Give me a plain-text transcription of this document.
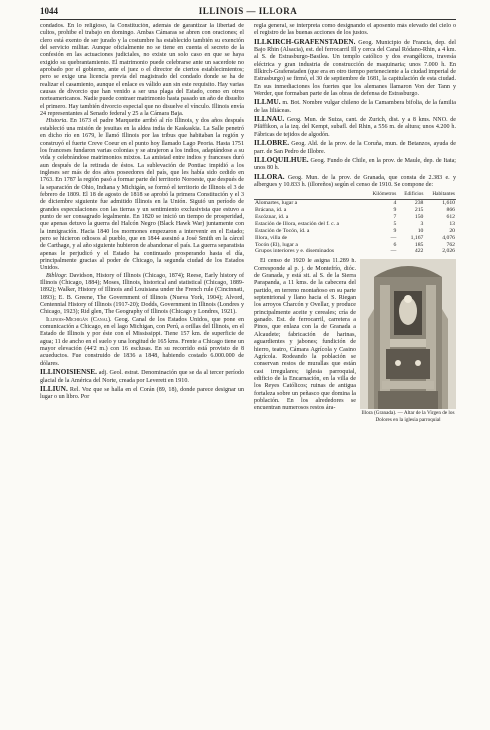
1044	ILLINOIS — ILLORA

condados. En lo religioso, la Constitución, además de garantizar la libertad de cultos, prohibe el trabajo en domingo. Ambas Cámaras se abren con oraciones; el clero está exento de ser jurado y la costumbre ha establecido también su exención del servicio militar. Aunque oficialmente no se tiene en cuenta el secreto de la confesión en las actuaciones judiciales, no existe un solo caso en que se haya exigido su quebrantamiento. El matrimonio puede celebrarse ante un sacerdote no aprobado por el gobierno, ante el juez o el director de ciertos establecimientos; pero se exige una licencia previa del magistrado del condado donde se ha de realizar el casamiento, aunque el enlace es válido aun sin este requisito. Hay varias causas de divorcio que han venido a ser una plaga del Estado, como en otros norteamericanos. Nadie puede contraer matrimonio hasta pasado un año de disuelto el primero. Hay también divorcio especial que no disuelve el vínculo. Illinois envía 24 representantes al Senado federal y 25 a la Cámara Baja.

Historia. En 1673 el padre Marquette arribó al río Illinois, y dos años después estableció una misión de jesuitas en la aldea india de Kaskaskia. La Salle penetró en dicho río en 1679, le llamó Illinois por las tribus que habitaban la región y construyó el fuerte Creve Coeur en el punto hoy llamado Lago Peoria. Hasta 1751 los franceses fundaron varias colonias y se atrajeron a los indios, adaptándose a su vida y celebrándose matrimonios mixtos. La amistad entre indios y franceses duró aun después de la retirada de éstos. La sublevación de Pontiac impidió a los ingleses ser más de dos años poseedores del país, que les había sido cedido en 1763. En 1787 la región pasó a formar parte del territorio Noroeste, que después de la separación de Ohio, Indiana y Michigán, se formó el territorio de Illinois el 3 de febrero de 1809. El 18 de agosto de 1818 se aprobó la primera Constitución y el 3 de diciembre siguiente fue admitido Illinois en la Unión. Siguió un período de grandes especulaciones con las tierras y un sentimiento exclusivista que estuvo a punto de ser consagrado legalmente. En 1820 se inició un tiempo de prosperidad, que apenas detuvo la guerra del Halcón Negro (Black Hawk War) juntamente con la inmigración. Hacia 1840 los mormones empezaron a intervenir en el Estado; pero se hicieron odiosos al pueblo, que en 1844 asesinó a José Smith en la cárcel de Carthage, y al año siguiente hubieron de abandonar el país. La guerra separatista apenas le perjudicó y el Estado ha continuado prosperando hasta el día, principalmente gracias al poder de Chicago, la segunda ciudad de los Estados Unidos.

Bibliogr. Davidson, History of Illinois (Chicago, 1874); Reese, Early history of Illinois (Chicago, 1884); Moses, Illinois, historical and statistical (Chicago, 1889-1892); Walker, History of Illinois and Louisiana under the French rule (Cincinnati, 1893); E. B. Greene, The Government of Illinois (Nueva York, 1904); Alvord, Centennial History of Illinois (1917-20); Dodds, Government in Illinois (Londres y Chicago, 1923); Rid glen, The Geography of Illinois (Chicago y Londres, 1921).

Illinois-Michigán (Canal). Geog. Canal de los Estados Unidos, que pone en comunicación a Chicago, en el lago Michigan, con Perú, a orillas del Illinois, en el Estado de Illinois y por éste con el Mississippi. Tiene 157 km. de superficie de agua; 11 de ancho en el suelo y una longitud de 165 kms. Frente a Chicago tiene un mayor elevación (44'2 m.) con 16 esclusas. En su recorrido está provisto de 8 acueductos. Fue construido de 1836 a 1848, habiendo costado 6.000.000 de dólares.

ILLINOISIENSE. adj. Geol. estrat. Denominación que se da al tercer período glacial de la América del Norte, creada por Leverett en 1910.

ILLIUN. Rel. Voz que se halla en el Corán (89, 18), donde parece designar un lugar o un libro. Por

regla general, se interpreta como designando el aposento más elevado del cielo o el registro de las buenas acciones de los justos.

ILLKIRCH-GRAFENSTADEN. Geog. Municipio de Francia, dep. del Bajo Rhin (Alsacia), est. del ferrocarril Ill y cerca del Canal Ródano-Rhin, a 4 km. al S. de Estrasburgo-Basilea. Un templo católico y dos evangélicos, travesía eléctrica y gran industria de construcción de maquinaria; unos 7.000 h. En Illkirch-Grafenstaden (que era en otro tiempo perteneciente a la ciudad imperial de Estrasburgo) se firmó, el 30 de septiembre de 1681, la capitulación de esta ciudad. En sus inmediaciones los fuertes que los alemanes llamaron Von der Tann y Werder, que formaban parte de las obras de defensa de Estrasburgo.

ILLMU. m. Bot. Nombre vulgar chileno de la Camambera bifolia, de la familia de las liliáceas.

ILLNAU. Geog. Mun. de Suiza, cant. de Zurich, dist. y a 8 kms. NNO. de Pfäffikon, a la izq. del Kempt, subafl. del Rhin, a 556 m. de altura; unos 4.200 h. Fábricas de tejidos de algodón.

ILLOBRE. Geog. Ald. de la prov. de la Coruña, mun. de Betanzos, ayuda de parr. de San Pedro de Illobre.

ILLOQUILHUE. Geog. Fundo de Chile, en la prov. de Maule, dep. de Itata; unos 80 h.

ILLORA. Geog. Mun. de la prov. de Granada, que consta de 2.383 e. y albergues y 10.833 h. (illoreños) según el censo de 1910. Se compone de:

	Kilómetros	Edificios	Habitantes
Alomartes, lugar a	4	238	1,610
Brácana, id. a	9	215	866
Escóznar, id. a	7	150	612
Estación de Illora, estación del f. c. a	5	3	13
Estación de Tocón, íd. a	9	10	20
Illora, villa de	—	1,167	4,076
Tocón (El), lugar a	6	185	762
Grupos interiores y e. diseminados	—	422	2,026
Illora (Granada). — Altar de la Virgen de los Dolores en la iglesia parroquial

El censo de 1920 le asigna 11.289 h. Corresponde al p. j. de Montefrío, dióc. de Granada, y está sit. al S. de la Sierra Parapanda, a 11 kms. de la cabecera del partido, en terreno montañoso en su parte septentrional y llano hacia el S. Riegan los arroyos Charcón y Ovellar, y produce principalmente aceite y cereales; cría de ganado. Est. de ferrocarril, carretera a Pinos, que enlaza con la de Granada a Alcaudete; fabricación de harinas, aguardientes y jabones; fundición de hierro, teatro, Cámara Agrícola y Casino Agrícola. Rodeando la población se conservan restos de murallas que están casi irregulares; iglesia parroquial, edificio de la Encarnación, en la villa de los Reyes Católicos; ruinas de antigua fortaleza sobre un peñasco que domina la población. En los alrededores se encuentran numerosos restos ára-
